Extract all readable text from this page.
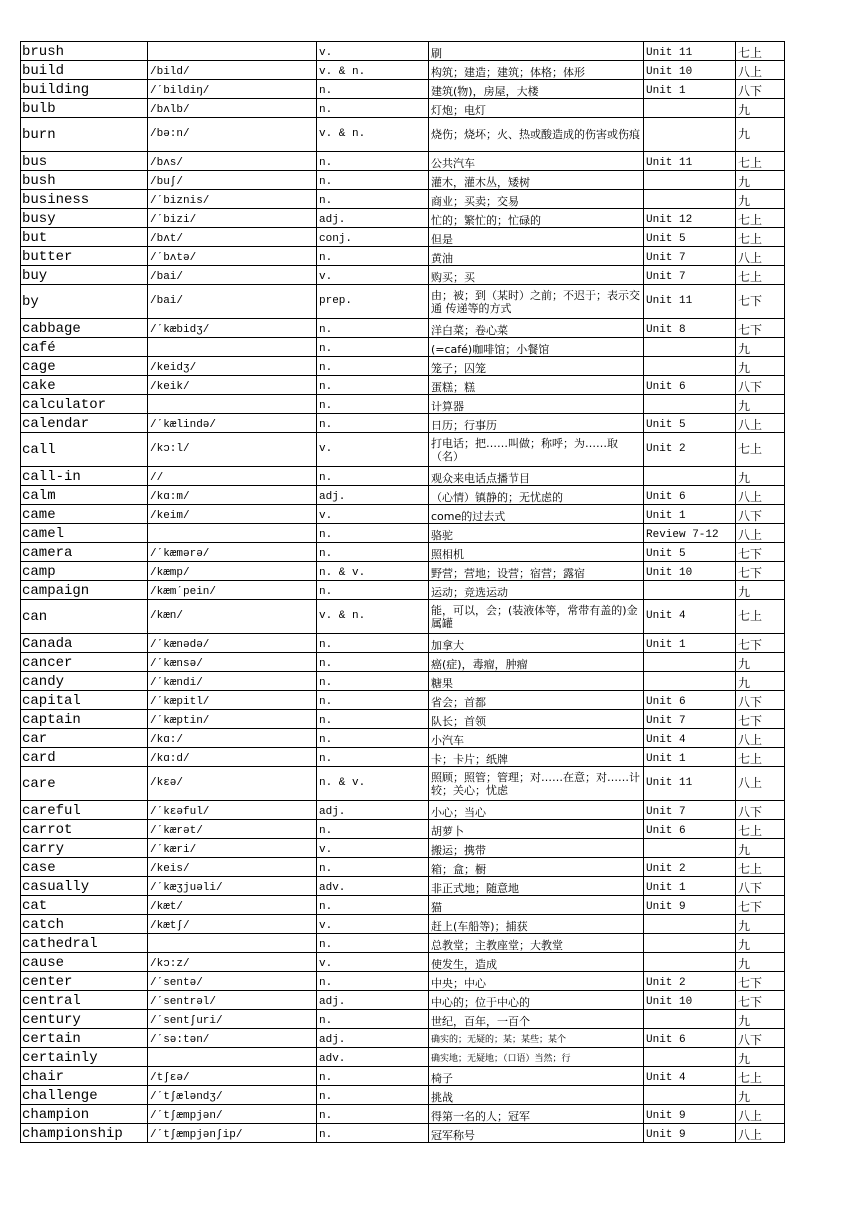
brush		v.	刷	Unit 11	七上
build	/bild/	v. & n.	构筑；建造；建筑；体格；体形	Unit 10	八上
building	/ˊbildiŋ/	n.	建筑(物)，房屋，大楼	Unit 1	八下
bulb	/bʌlb/	n.	灯炮；电灯		九
burn	/bə:n/	v. & n.	烧伤；烧坏；火、热或酸造成的伤害或伤痕		九
bus	/bʌs/	n.	公共汽车	Unit 11	七上
bush	/buʃ/	n.	灌木，灌木丛，矮树		九
business	/ˊbiznis/	n.	商业；买卖；交易		九
busy	/ˊbizi/	adj.	忙的；繁忙的；忙碌的	Unit 12	七上
but	/bʌt/	conj.	但是	Unit 5	七上
butter	/ˊbʌtə/	n.	黄油	Unit 7	八上
buy	/bai/	v.	购买；买	Unit 7	七上
by	/bai/	prep.	由；被；到（某时）之前；不迟于；表示交通 传递等的方式	Unit 11	七下
cabbage	/ˊkæbidʒ/	n.	洋白菜；卷心菜	Unit 8	七下
café		n.	(=café)咖啡馆；小餐馆		九
cage	/keidʒ/	n.	笼子；囚笼		九
cake	/keik/	n.	蛋糕；糕	Unit 6	八下
calculator		n.	计算器		九
calendar	/ˊkælində/	n.	日历；行事历	Unit 5	八上
call	/kɔ:l/	v.	打电话；把……叫做；称呼；为……取（名）	Unit 2	七上
call-in	//	n.	观众来电话点播节目		九
calm	/kɑ:m/	adj.	（心情）镇静的；无忧虑的	Unit 6	八上
came	/keim/	v.	come的过去式	Unit 1	八下
camel		n.	骆驼	Review 7-12	八上
camera	/ˊkæmərə/	n.	照相机	Unit 5	七下
camp	/kæmp/	n. & v.	野营；营地；设营；宿营；露宿	Unit 10	七下
campaign	/kæmˊpein/	n.	运动；竞选运动		九
can	/kæn/	v. & n.	能，可以，会；(装液体等，常带有盖的)金属罐	Unit 4	七上
Canada	/ˊkænədə/	n.	加拿大	Unit 1	七下
cancer	/ˊkænsə/	n.	癌(症)，毒瘤，肿瘤		九
candy	/ˊkændi/	n.	糖果		九
capital	/ˊkæpitl/	n.	省会；首都	Unit 6	八下
captain	/ˊkæptin/	n.	队长；首领	Unit 7	七下
car	/kɑ:/	n.	小汽车	Unit 4	八上
card	/kɑ:d/	n.	卡；卡片；纸牌	Unit 1	七上
care	/kεə/	n. & v.	照顾；照管；管理；对……在意；对……计较；关心；忧虑	Unit 11	八上
careful	/ˊkεəful/	adj.	小心；当心	Unit 7	八下
carrot	/ˊkærət/	n.	胡萝卜	Unit 6	七上
carry	/ˊkæri/	v.	搬运；携带		九
case	/keis/	n.	箱；盒；橱	Unit 2	七上
casually	/ˊkæʒjuəli/	adv.	非正式地；随意地	Unit 1	八下
cat	/kæt/	n.	猫	Unit 9	七下
catch	/kætʃ/	v.	赶上(车船等)；捕获		九
cathedral		n.	总教堂；主教座堂；大教堂		九
cause	/kɔ:z/	v.	使发生，造成		九
center	/ˊsentə/	n.	中央；中心	Unit 2	七下
central	/ˊsentrəl/	adj.	中心的；位于中心的	Unit 10	七下
century	/ˊsentʃuri/	n.	世纪，百年，一百个		九
certain	/ˊsə:tən/	adj.	确实的；无疑的；某；某些；某个	Unit 6	八下
certainly		adv.	确实地；无疑地；（口语）当然；行		九
chair	/tʃεə/	n.	椅子	Unit 4	七上
challenge	/ˊtʃæləndʒ/	n.	挑战		九
champion	/ˊtʃæmpjən/	n.	得第一名的人；冠军	Unit 9	八上
championship	/ˊtʃæmpjənʃip/	n.	冠军称号	Unit 9	八上
